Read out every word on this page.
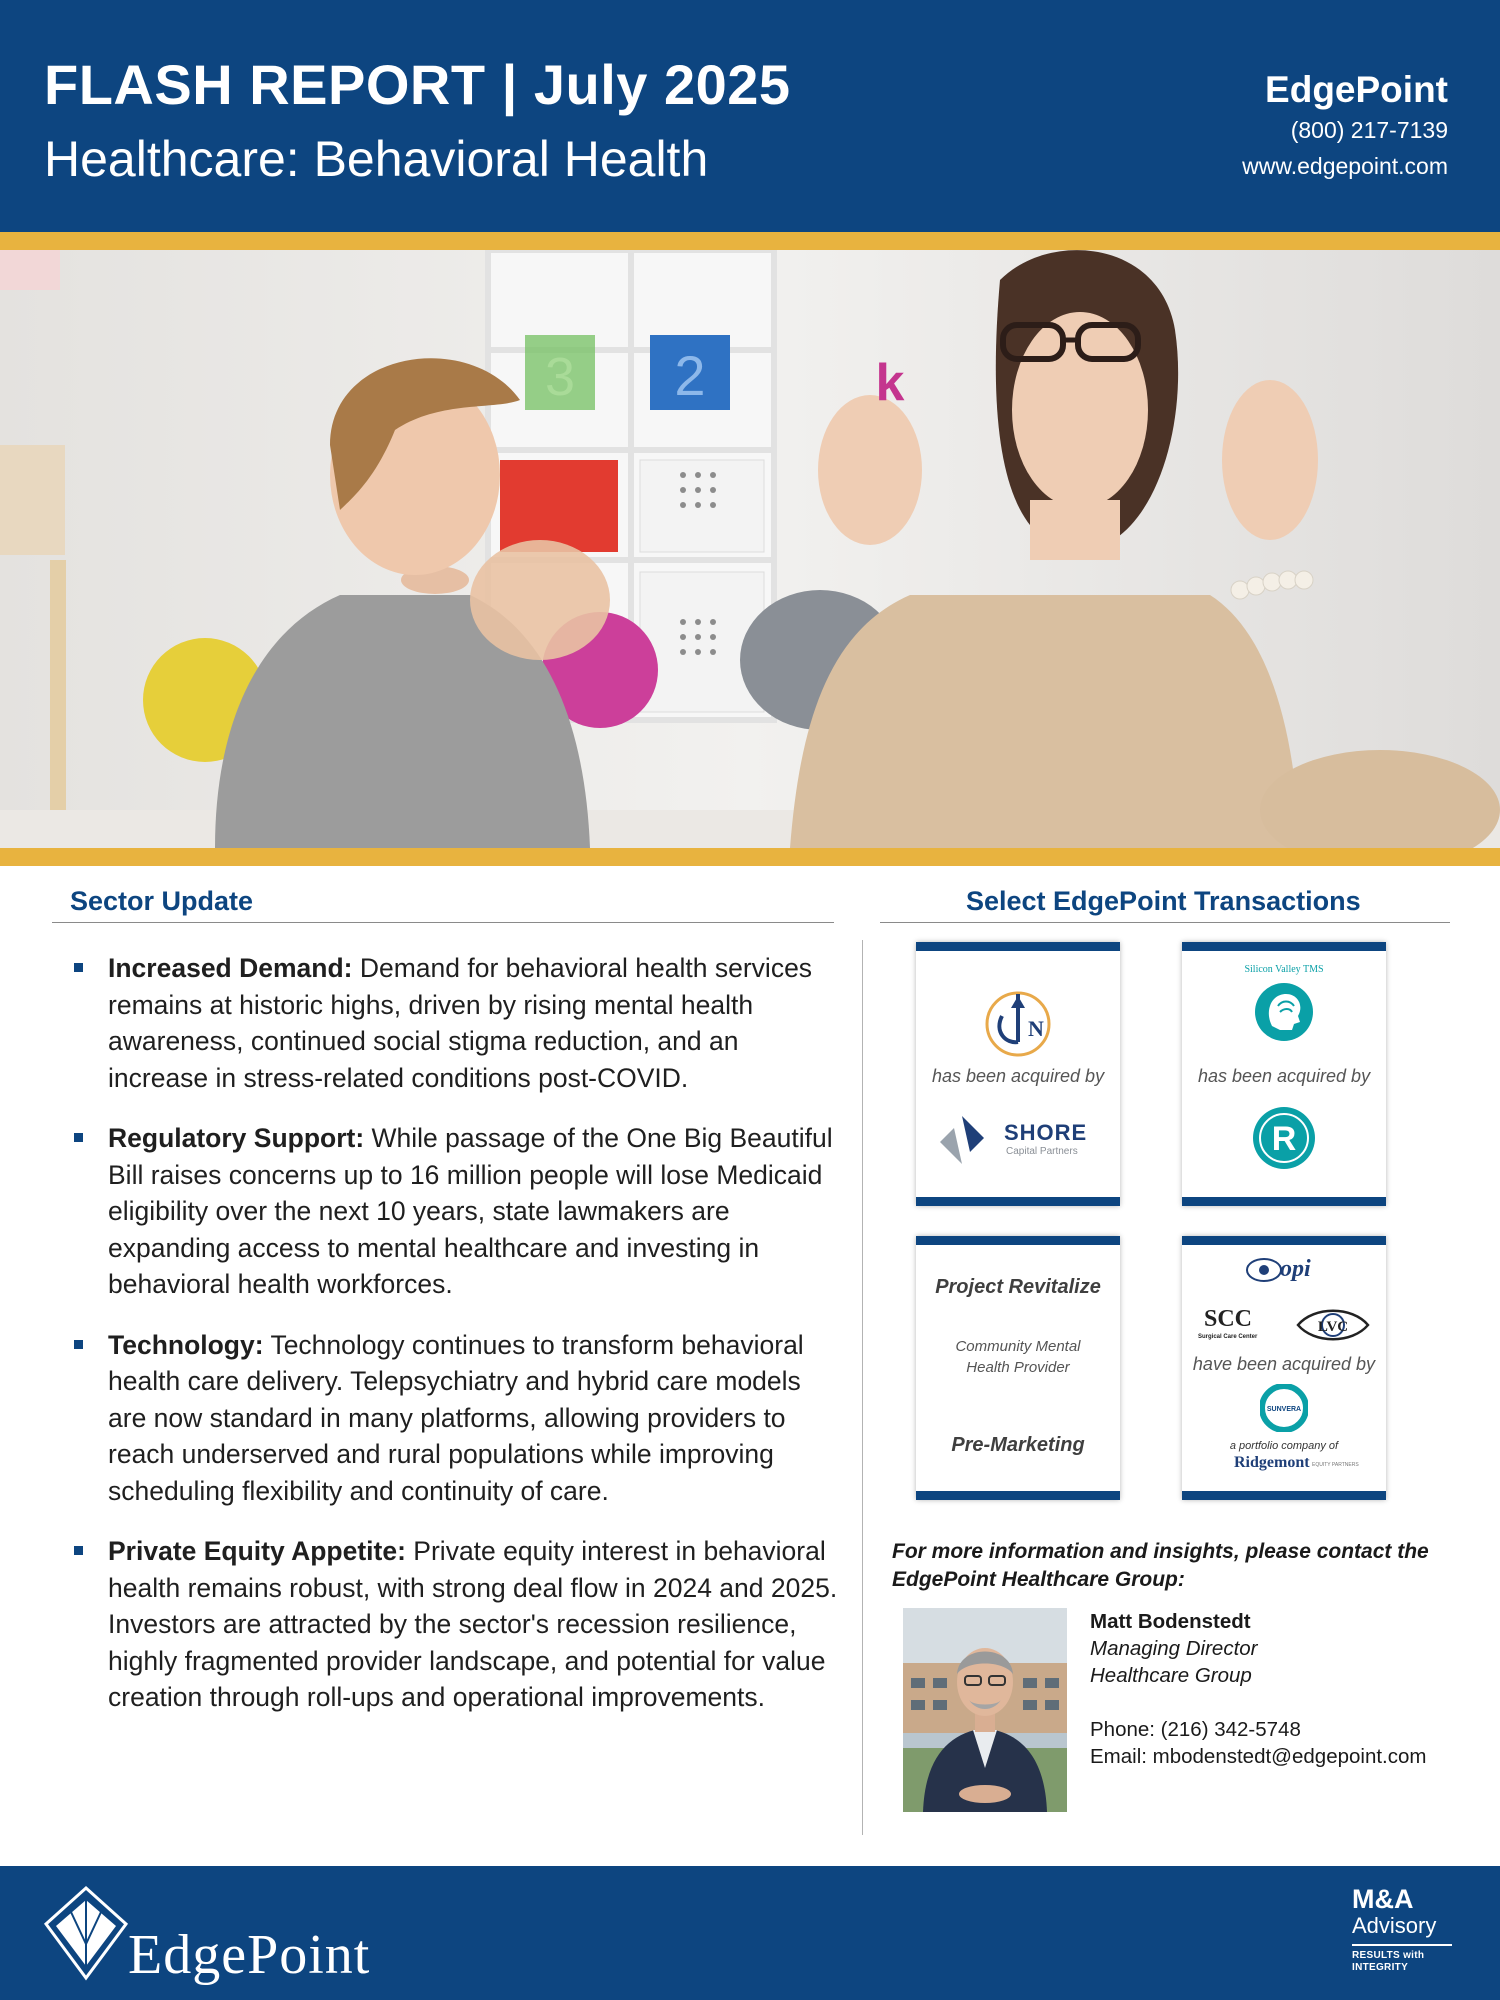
FLASH REPORT | July 2025
Healthcare: Behavioral Health
EdgePoint
(800) 217-7139
www.edgepoint.com
3 2	k
Sector Update
Increased Demand: Demand for behavioral health services remains at historic highs, driven by rising mental health awareness, continued social stigma reduction, and an increase in stress-related conditions post-COVID.
Regulatory Support: While passage of the One Big Beautiful Bill raises concerns up to 16 million people will lose Medicaid eligibility over the next 10 years, state lawmakers are expanding access to mental healthcare and investing in behavioral health workforces.
Technology: Technology continues to transform behavioral health care delivery. Telepsychiatry and hybrid care models are now standard in many platforms, allowing providers to reach underserved and rural populations while improving scheduling flexibility and continuity of care.
Private Equity Appetite: Private equity interest in behavioral health remains robust, with strong deal flow in 2024 and 2025. Investors are attracted by the sector's recession resilience, highly fragmented provider landscape, and potential for value creation through roll-ups and operational improvements.
Select EdgePoint Transactions
N
has been acquired by
SHORE
Capital Partners
Silicon Valley TMS
has been acquired by
R
Project Revitalize
Community Mental
Health Provider
Pre-Marketing
opi
SCC
Surgical Care Center
LVC
have been acquired by
SUNVERA
a portfolio company of
Ridgemont EQUITY PARTNERS
For more information and insights, please contact the EdgePoint Healthcare Group:
Matt Bodenstedt
Managing Director
Healthcare Group
Phone: (216) 342-5748
Email: mbodenstedt@edgepoint.com
EdgePoint
M&A
Advisory
RESULTS with
INTEGRITY
